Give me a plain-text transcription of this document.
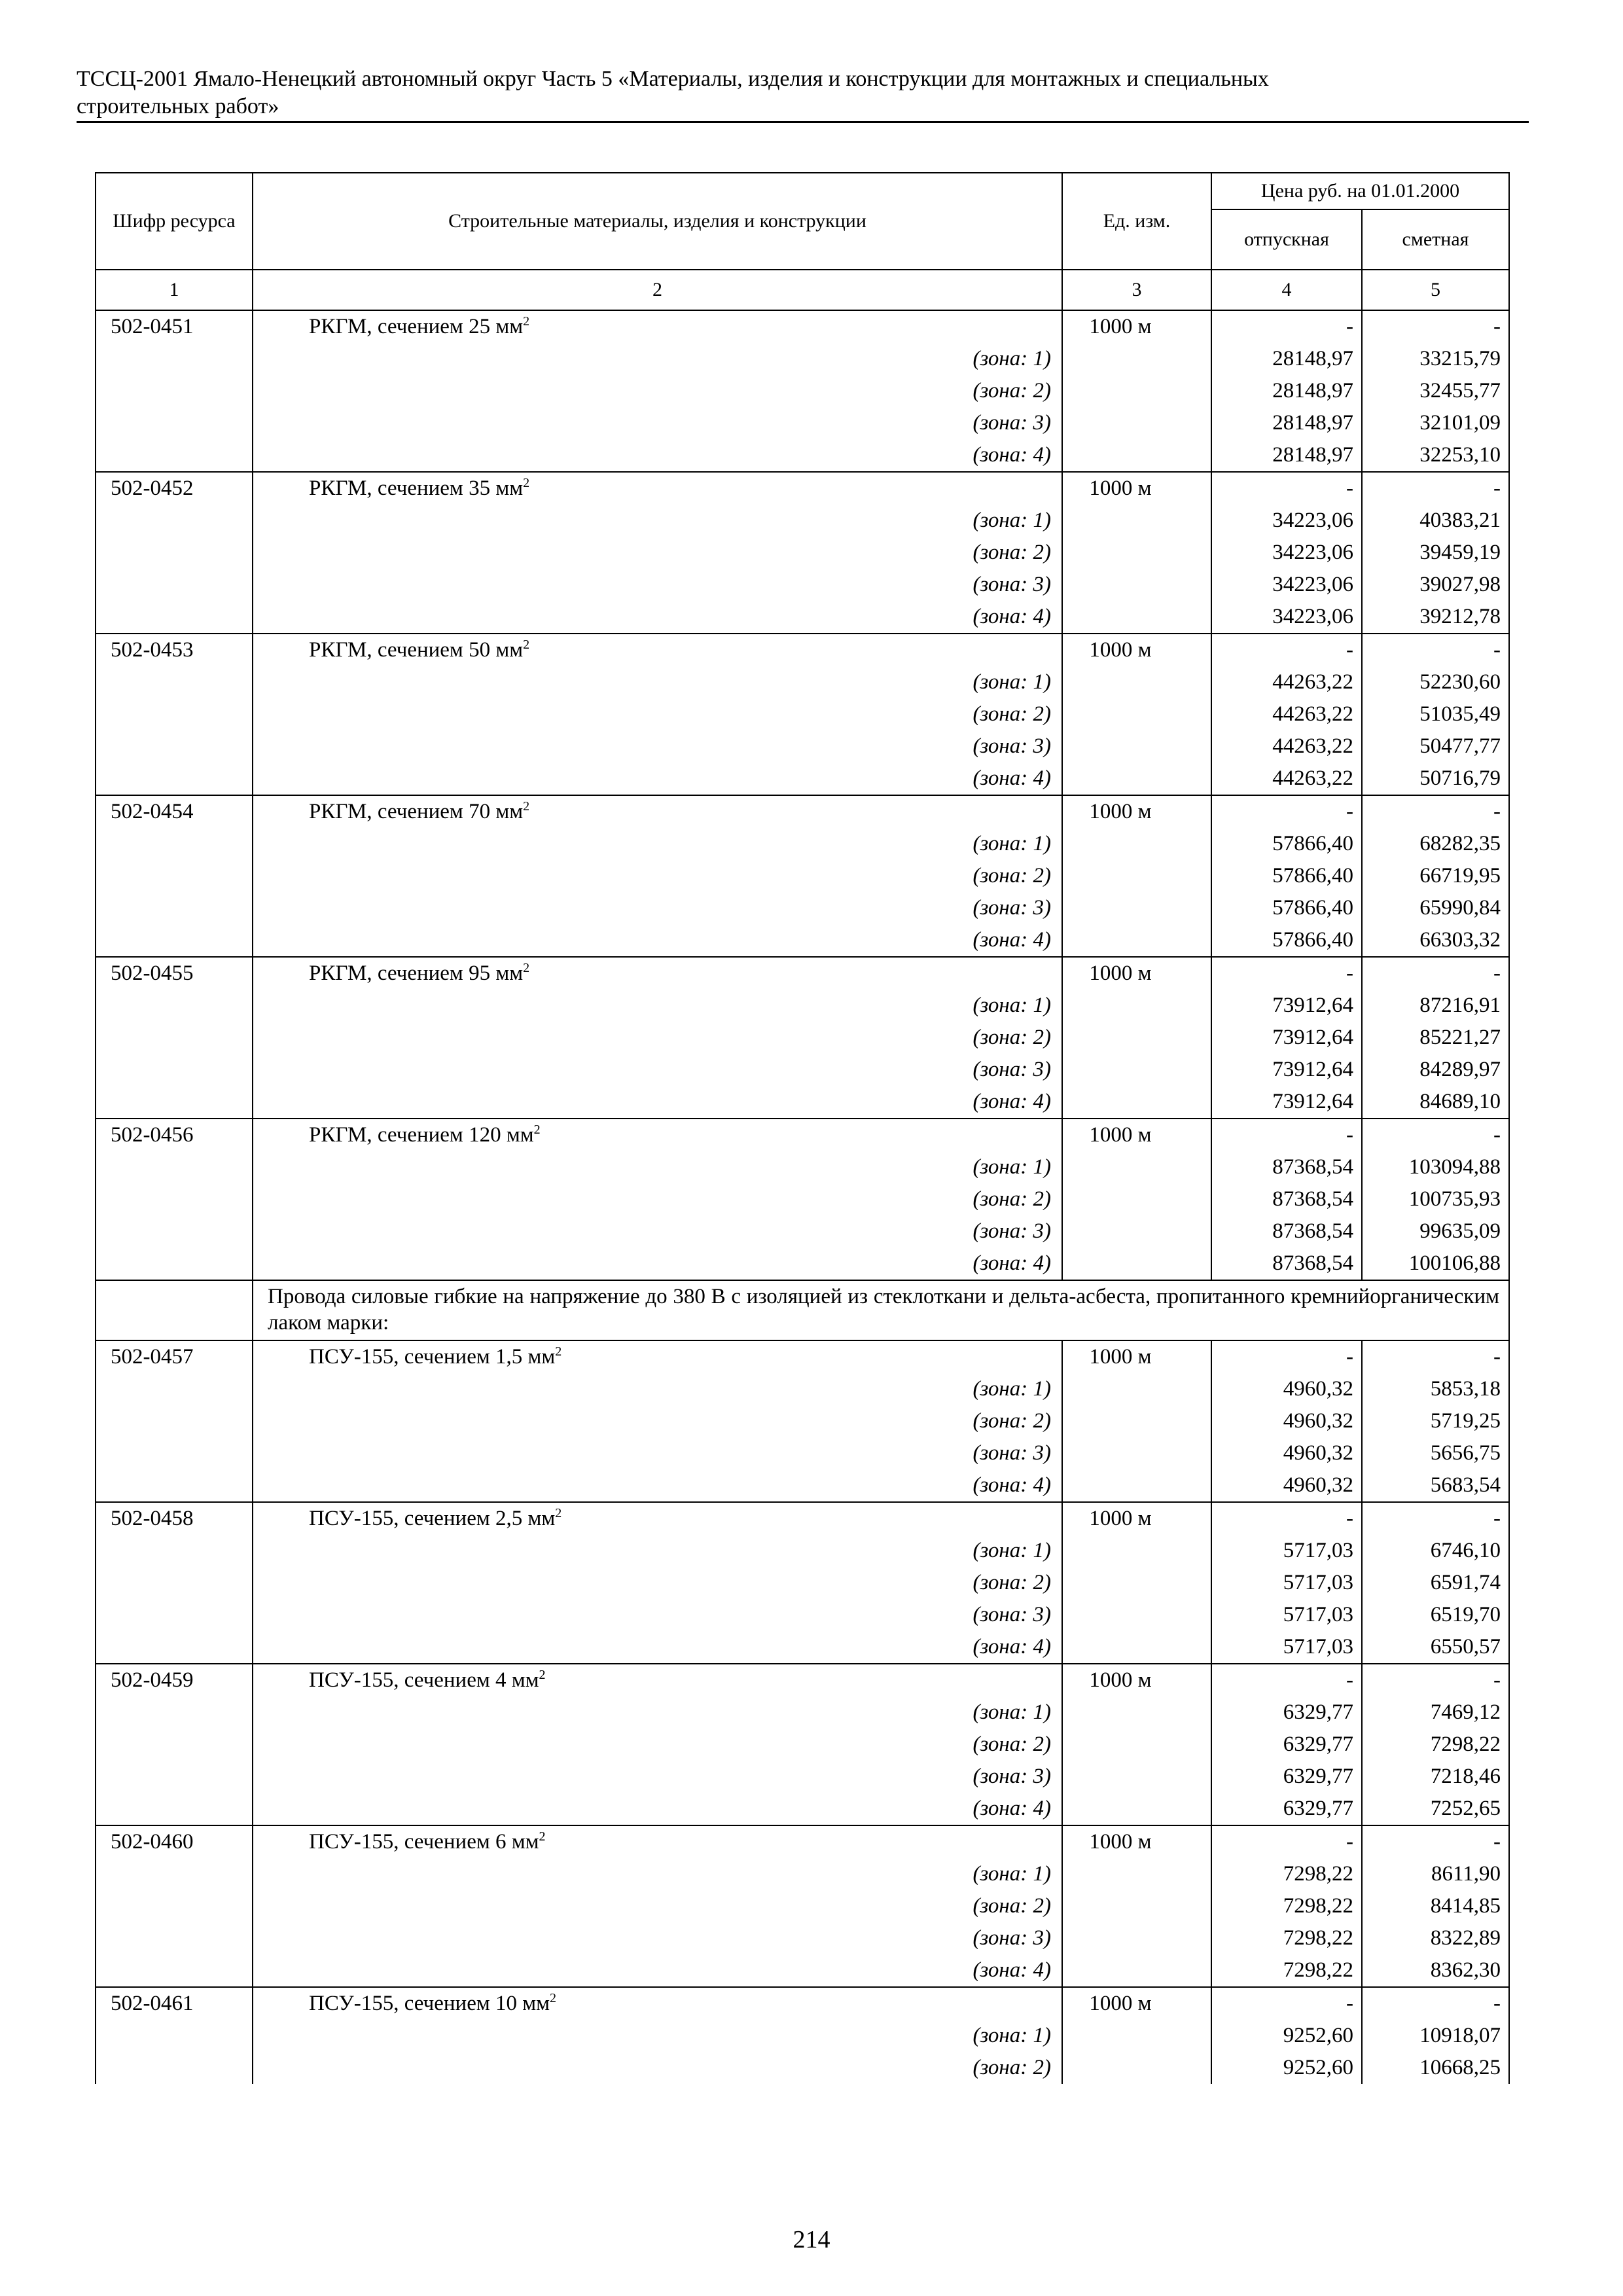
ТССЦ-2001 Ямало-Ненецкий автономный округ Часть 5 «Материалы, изделия и конструкции для монтажных и специальных
строительных работ»
Шифр ресурса	Строительные материалы, изделия и конструкции	Ед. изм.	Цена руб. на 01.01.2000	
			отпускная	сметная
1	2	3	4	5
502-0451	РКГМ, сечением 25 $мм^2$	1000 м	-	-
	(зона: 1)		28148,97	33215,79
	(зона: 2)		28148,97	32455,77
	(зона: 3)		28148,97	32101,09
	(зона: 4)		28148,97	32253,10
502-0452	РКГМ, сечением 35 $мм^2$	1000 м	-	-
	(зона: 1)		34223,06	40383,21
	(зона: 2)		34223,06	39459,19
	(зона: 3)		34223,06	39027,98
	(зона: 4)		34223,06	39212,78
502-0453	РКГМ, сечением 50 $мм^2$	1000 м	-	-
	(зона: 1)		44263,22	52230,60
	(зона: 2)		44263,22	51035,49
	(зона: 3)		44263,22	50477,77
	(зона: 4)		44263,22	50716,79
502-0454	РКГМ, сечением 70 $мм^2$	1000 м	-	-
	(зона: 1)		57866,40	68282,35
	(зона: 2)		57866,40	66719,95
	(зона: 3)		57866,40	65990,84
	(зона: 4)		57866,40	66303,32
502-0455	РКГМ, сечением 95 $мм^2$	1000 м	-	-
	(зона: 1)		73912,64	87216,91
	(зона: 2)		73912,64	85221,27
	(зона: 3)		73912,64	84289,97
	(зона: 4)		73912,64	84689,10
502-0456	РКГМ, сечением 120 $мм^2$	1000 м	-	-
	(зона: 1)		87368,54	103094,88
	(зона: 2)		87368,54	100735,93
	(зона: 3)		87368,54	99635,09
	(зона: 4)		87368,54	100106,88
	Провода силовые гибкие на напряжение до 380 В с изоляцией из стеклоткани и дельта-асбеста, пропитанного кремнийорганическим лаком марки:			
502-0457	ПСУ-155, сечением 1,5 $мм^2$	1000 м	-	-
	(зона: 1)		4960,32	5853,18
	(зона: 2)		4960,32	5719,25
	(зона: 3)		4960,32	5656,75
	(зона: 4)		4960,32	5683,54
502-0458	ПСУ-155, сечением 2,5 $мм^2$	1000 м	-	-
	(зона: 1)		5717,03	6746,10
	(зона: 2)		5717,03	6591,74
	(зона: 3)		5717,03	6519,70
	(зона: 4)		5717,03	6550,57
502-0459	ПСУ-155, сечением 4 $мм^2$	1000 м	-	-
	(зона: 1)		6329,77	7469,12
	(зона: 2)		6329,77	7298,22
	(зона: 3)		6329,77	7218,46
	(зона: 4)		6329,77	7252,65
502-0460	ПСУ-155, сечением 6 $мм^2$	1000 м	-	-
	(зона: 1)		7298,22	8611,90
	(зона: 2)		7298,22	8414,85
	(зона: 3)		7298,22	8322,89
	(зона: 4)		7298,22	8362,30
502-0461	ПСУ-155, сечением 10 $мм^2$	1000 м	-	-
	(зона: 1)		9252,60	10918,07
	(зона: 2)		9252,60	10668,25
214
